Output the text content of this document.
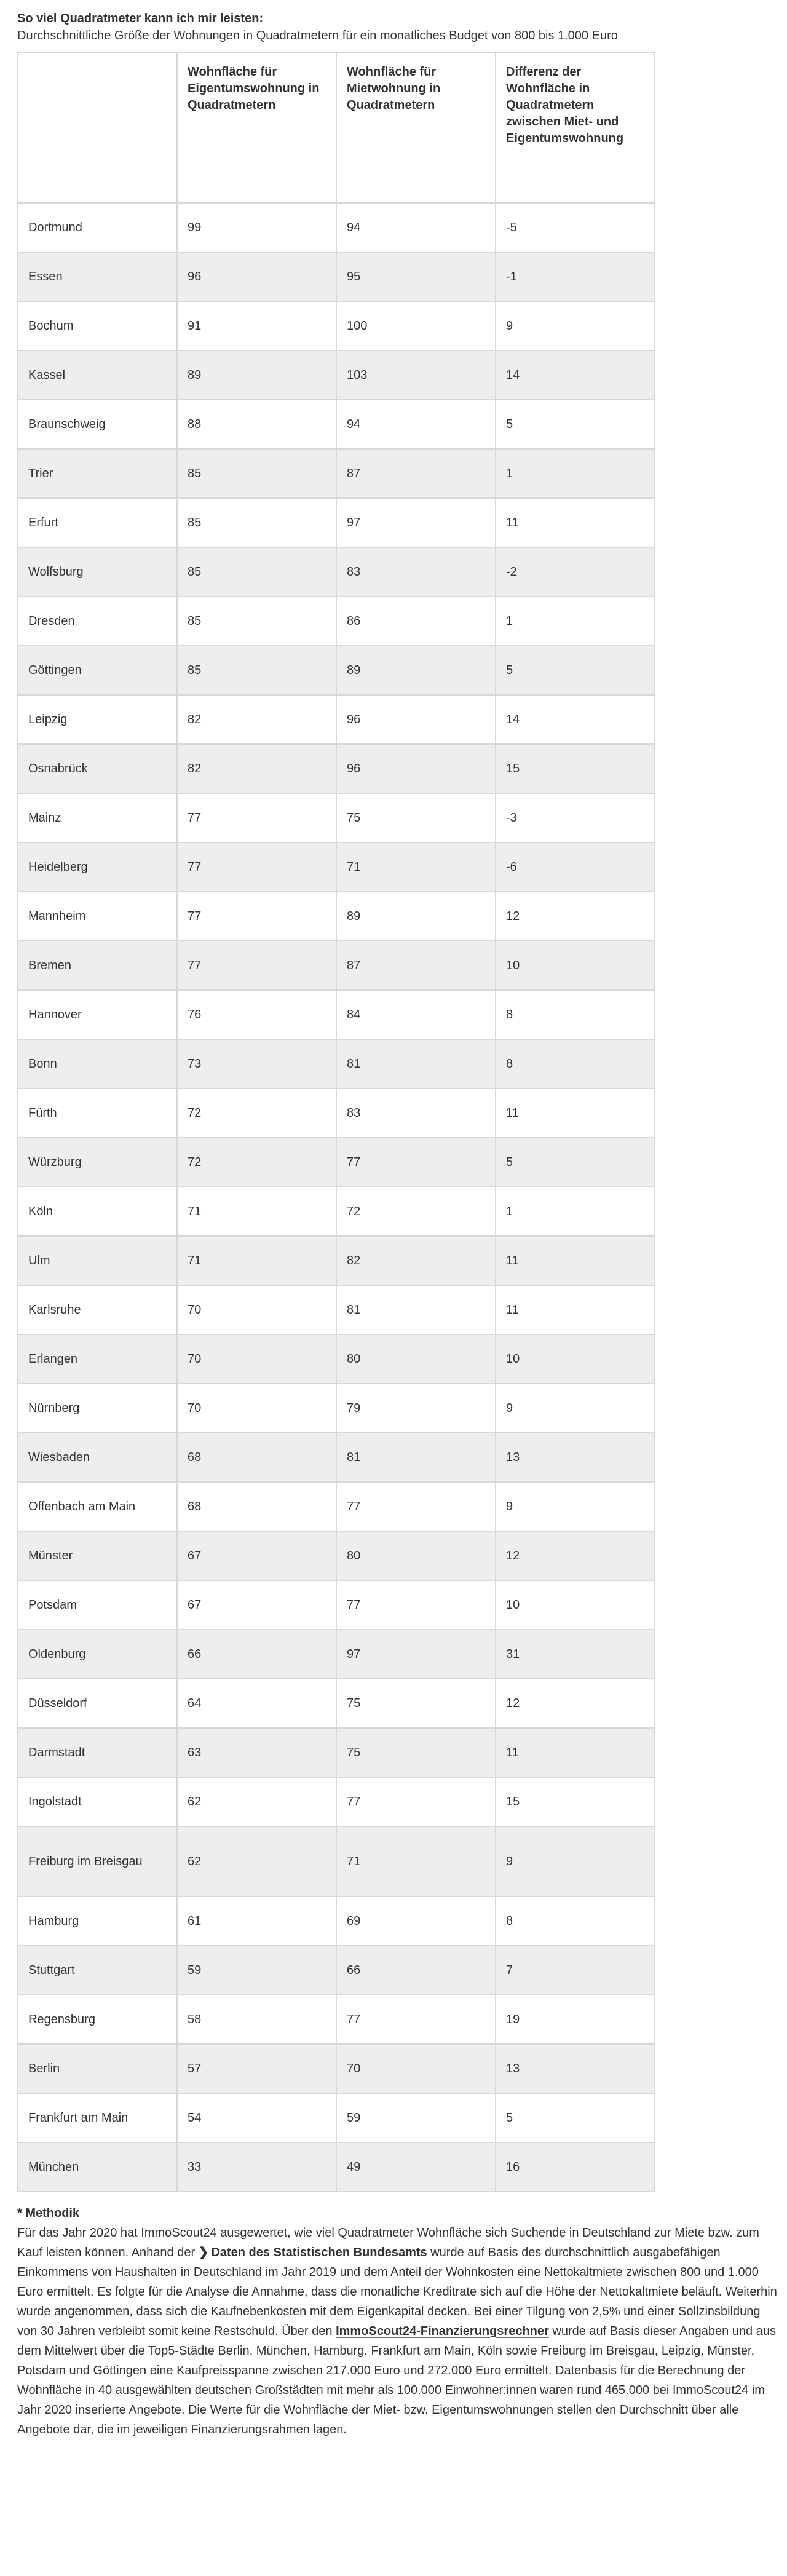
So viel Quadratmeter kann ich mir leisten:

Durchschnittliche Größe der Wohnungen in Quadratmetern für ein monatliches Budget von 800 bis 1.000 Euro

	Wohnfläche für Eigentumswohnung in Quadratmetern	Wohnfläche für Mietwohnung in Quadratmetern	Differenz der Wohnfläche in Quadratmetern zwischen Miet- und Eigentumswohnung
Dortmund	99	94	-5
Essen	96	95	-1
Bochum	91	100	9
Kassel	89	103	14
Braunschweig	88	94	5
Trier	85	87	1
Erfurt	85	97	11
Wolfsburg	85	83	-2
Dresden	85	86	1
Göttingen	85	89	5
Leipzig	82	96	14
Osnabrück	82	96	15
Mainz	77	75	-3
Heidelberg	77	71	-6
Mannheim	77	89	12
Bremen	77	87	10
Hannover	76	84	8
Bonn	73	81	8
Fürth	72	83	11
Würzburg	72	77	5
Köln	71	72	1
Ulm	71	82	11
Karlsruhe	70	81	11
Erlangen	70	80	10
Nürnberg	70	79	9
Wiesbaden	68	81	13
Offenbach am Main	68	77	9
Münster	67	80	12
Potsdam	67	77	10
Oldenburg	66	97	31
Düsseldorf	64	75	12
Darmstadt	63	75	11
Ingolstadt	62	77	15
Freiburg im Breisgau	62	71	9
Hamburg	61	69	8
Stuttgart	59	66	7
Regensburg	58	77	19
Berlin	57	70	13
Frankfurt am Main	54	59	5
München	33	49	16

* Methodik

Für das Jahr 2020 hat ImmoScout24 ausgewertet, wie viel Quadratmeter Wohnfläche sich Suchende in Deutschland zur Miete bzw. zum Kauf leisten können. Anhand der ❯ Daten des Statistischen Bundesamts wurde auf Basis des durchschnittlich ausgabefähigen Einkommens von Haushalten in Deutschland im Jahr 2019 und dem Anteil der Wohnkosten eine Nettokaltmiete zwischen 800 und 1.000 Euro ermittelt. Es folgte für die Analyse die Annahme, dass die monatliche Kreditrate sich auf die Höhe der Nettokaltmiete beläuft. Weiterhin wurde angenommen, dass sich die Kaufnebenkosten mit dem Eigenkapital decken. Bei einer Tilgung von 2,5% und einer Sollzinsbildung von 30 Jahren verbleibt somit keine Restschuld. Über den ImmoScout24-Finanzierungsrechner wurde auf Basis dieser Angaben und aus dem Mittelwert über die Top5-Städte Berlin, München, Hamburg, Frankfurt am Main, Köln sowie Freiburg im Breisgau, Leipzig, Münster, Potsdam und Göttingen eine Kaufpreisspanne zwischen 217.000 Euro und 272.000 Euro ermittelt. Datenbasis für die Berechnung der Wohnfläche in 40 ausgewählten deutschen Großstädten mit mehr als 100.000 Einwohner:innen waren rund 465.000 bei ImmoScout24 im Jahr 2020 inserierte Angebote. Die Werte für die Wohnfläche der Miet- bzw. Eigentumswohnungen stellen den Durchschnitt über alle Angebote dar, die im jeweiligen Finanzierungsrahmen lagen.
